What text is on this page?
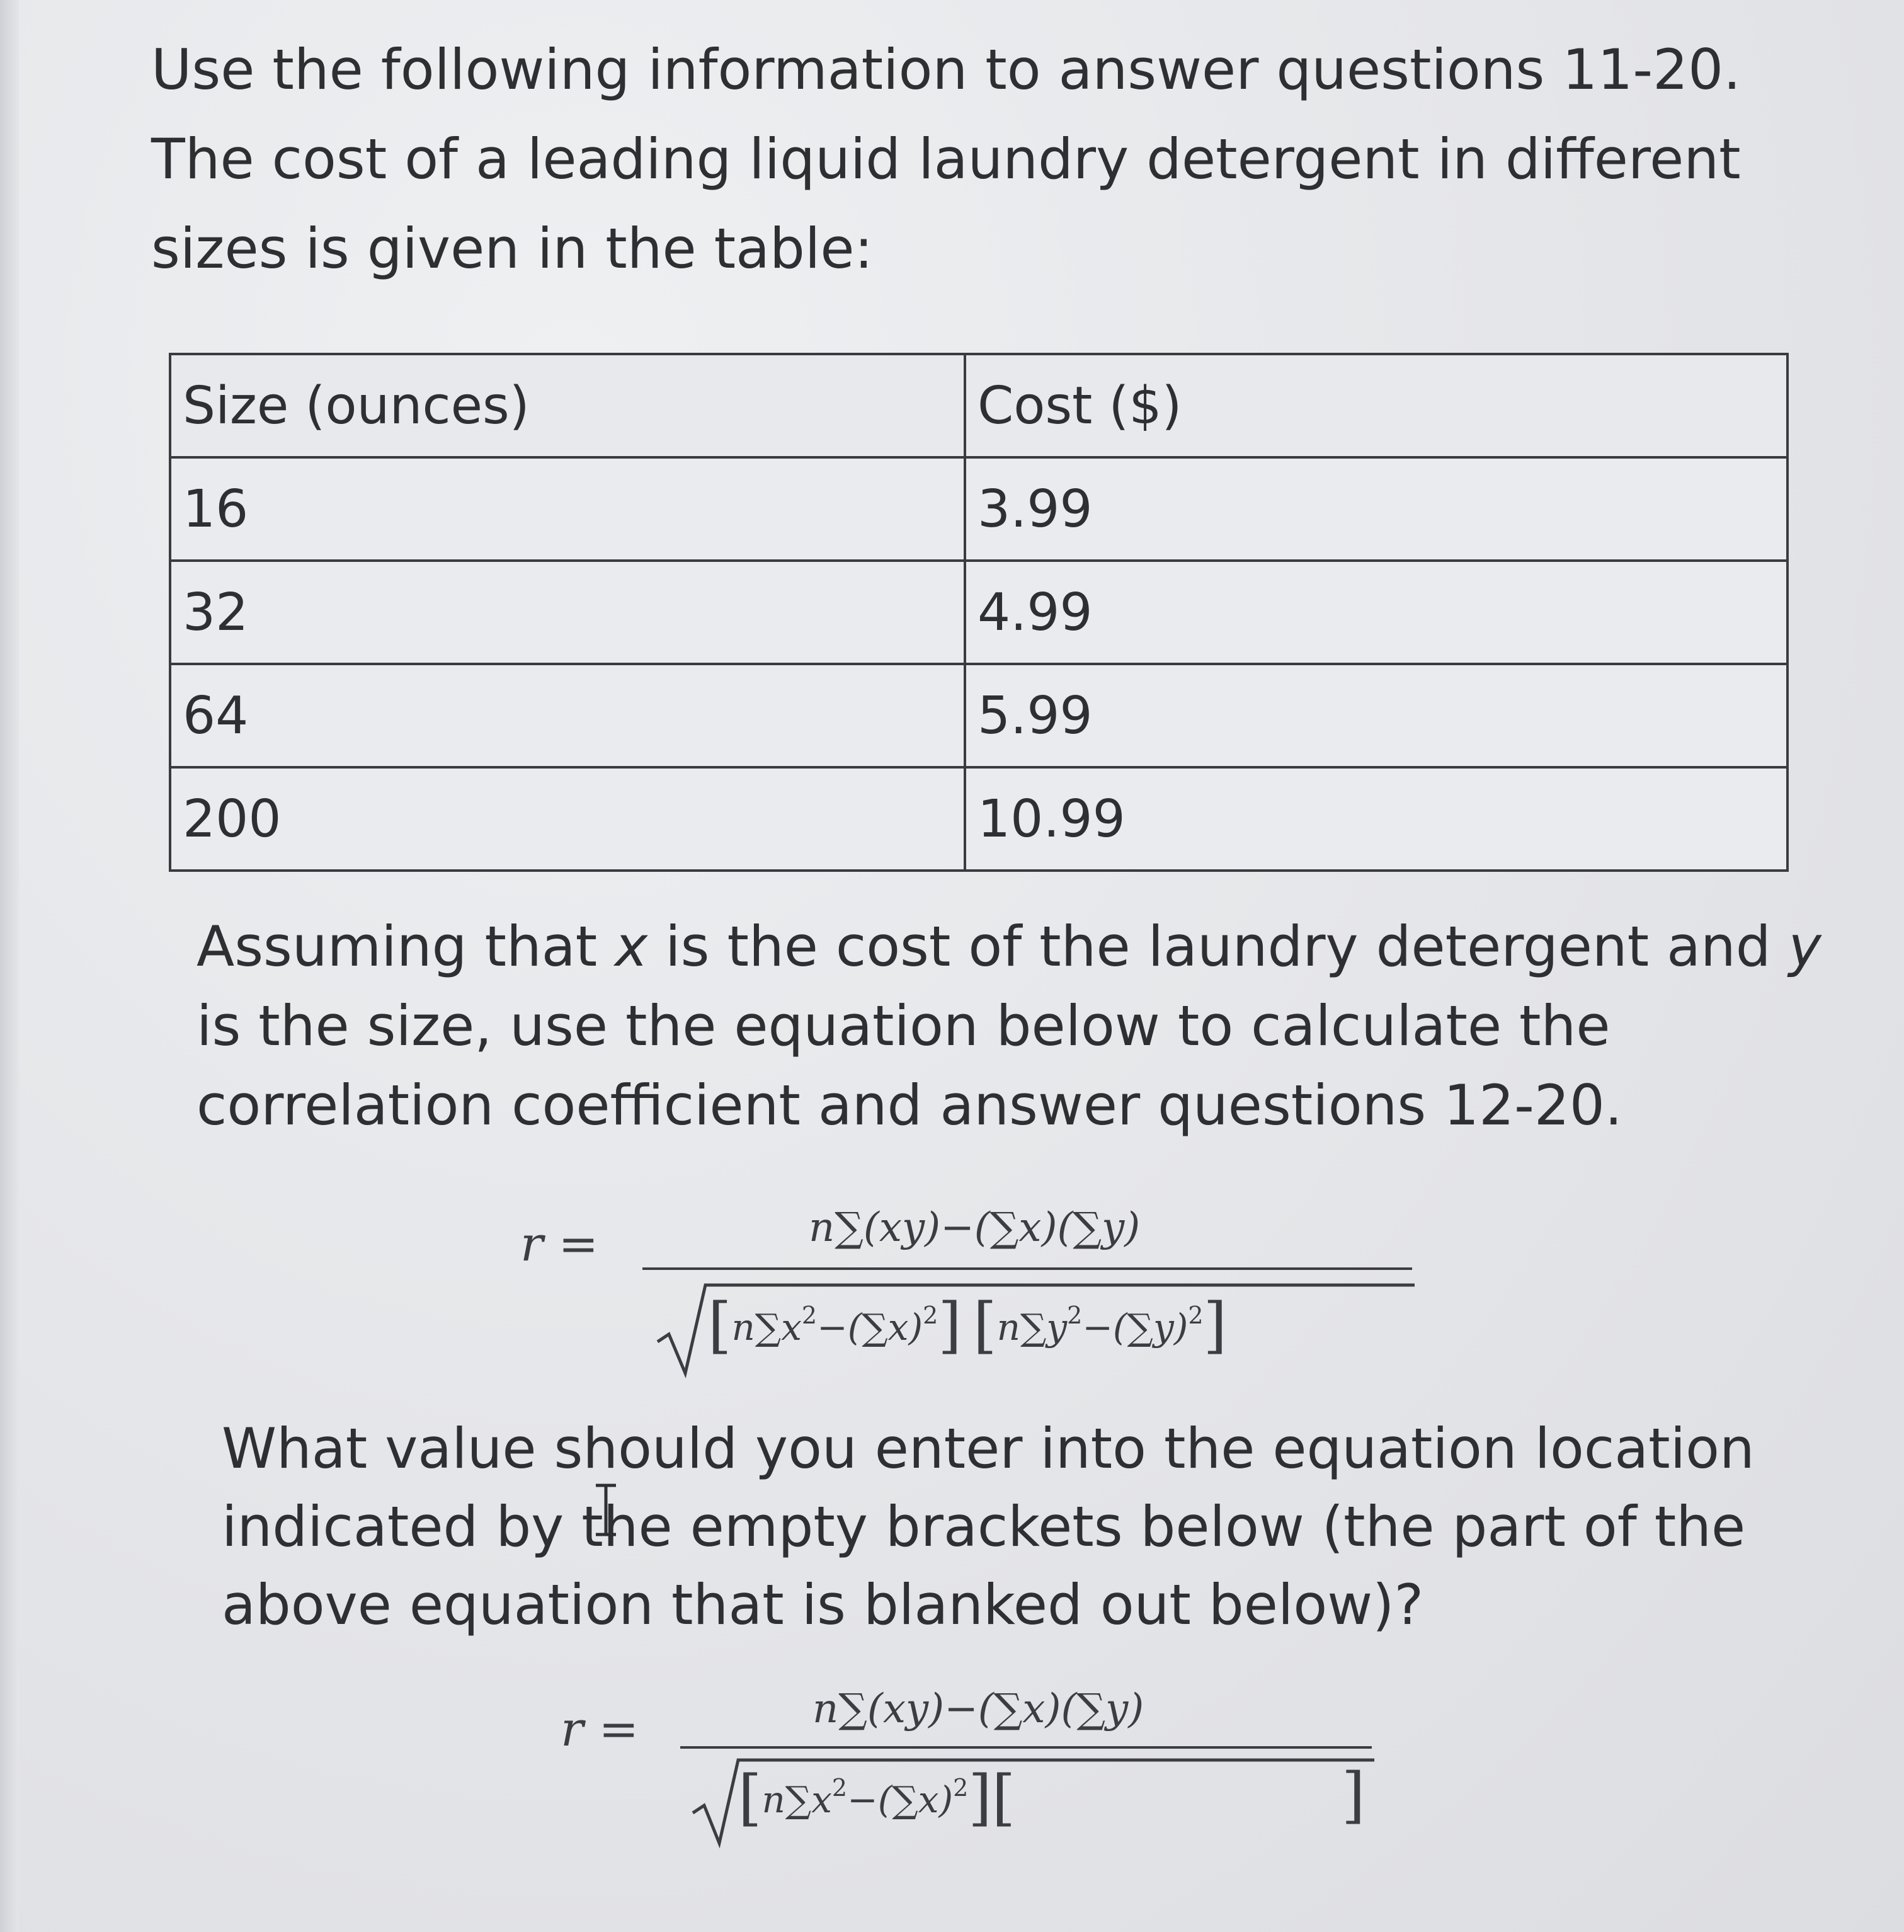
Use the following information to answer questions 11-20. The cost of a leading liquid laundry detergent in different sizes is given in the table:

Size (ounces)	Cost ($)
16	3.99
32	4.99
64	5.99
200	10.99

Assuming that x is the cost of the laundry detergent and y is the size, use the equation below to calculate the correlation coefficient and answer questions 12-20.

r =	n∑(xy)−(∑x)(∑y)
$[n\sum x^2-(\sum x)^2]$ $[n\sum y^2-(\sum y)^2]$

What value should you enter into the equation location indicated by the empty brackets below (the part of the above equation that is blanked out below)?

r =	n∑(xy)−(∑x)(∑y)
$[n\sum x^2-(\sum x)^2]$[	]
